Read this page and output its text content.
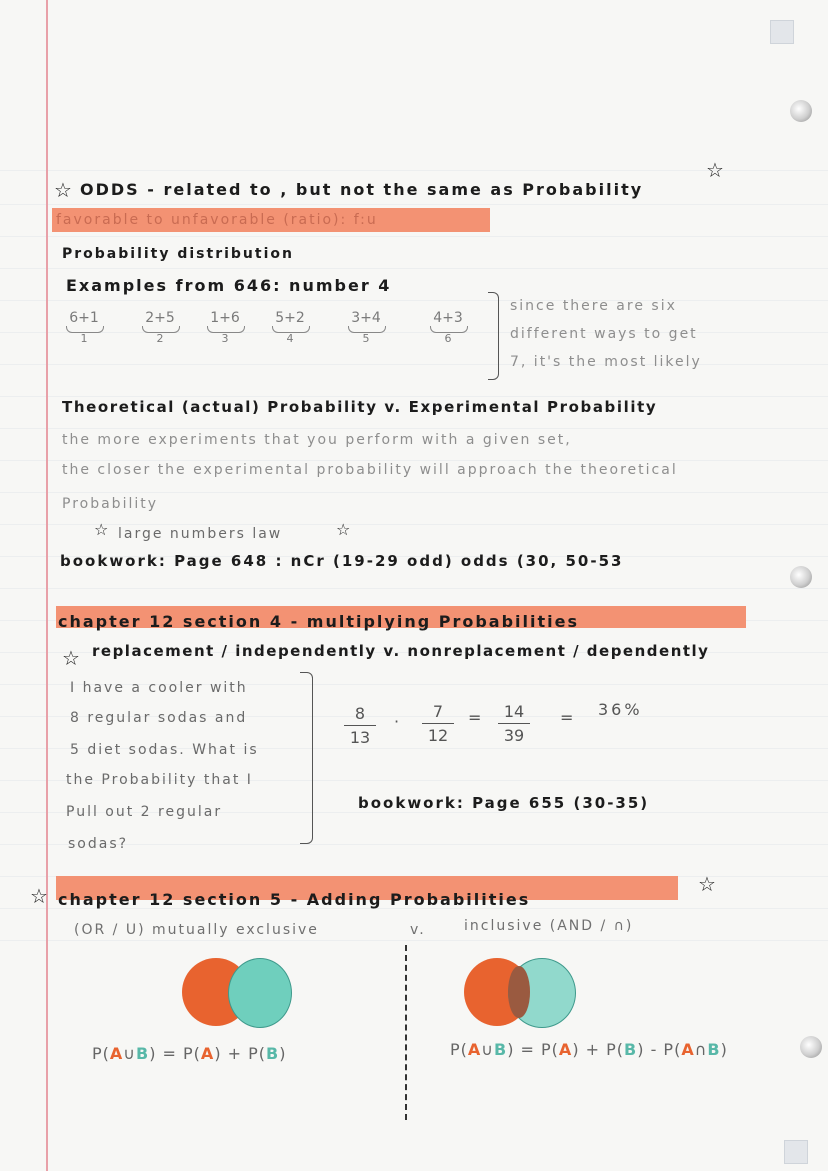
☆ ODDS - related to , but not the same as Probability
☆
favorable to unfavorable (ratio): f:u
Probability distribution
Examples from 646: number 4
6+1
1
2+5
2
1+6
3
5+2
4
3+4
5
4+3
6
since there are six
different ways to get
7, it's the most likely
Theoretical (actual) Probability v. Experimental Probability
the more experiments that you perform with a given set,
the closer the experimental probability will approach the theoretical
Probability
☆ large numbers law	☆
bookwork: Page 648 : nCr (19-29 odd) odds (30, 50-53
chapter 12 section 4 - multiplying Probabilities
☆ replacement / independently v. nonreplacement / dependently
I have a cooler with
8 regular sodas and
5 diet sodas. What is
the Probability that I
Pull out 2 regular
sodas?
8
13
·
7
12
=	14
39
= 36%
bookwork: Page 655 (30-35)
☆ chapter 12 section 5 - Adding Probabilities
☆
(OR / U) mutually exclusive	v.	inclusive (AND / ∩)
P(A∪B) = P(A) + P(B)	P(A∪B) = P(A) + P(B) - P(A∩B)
